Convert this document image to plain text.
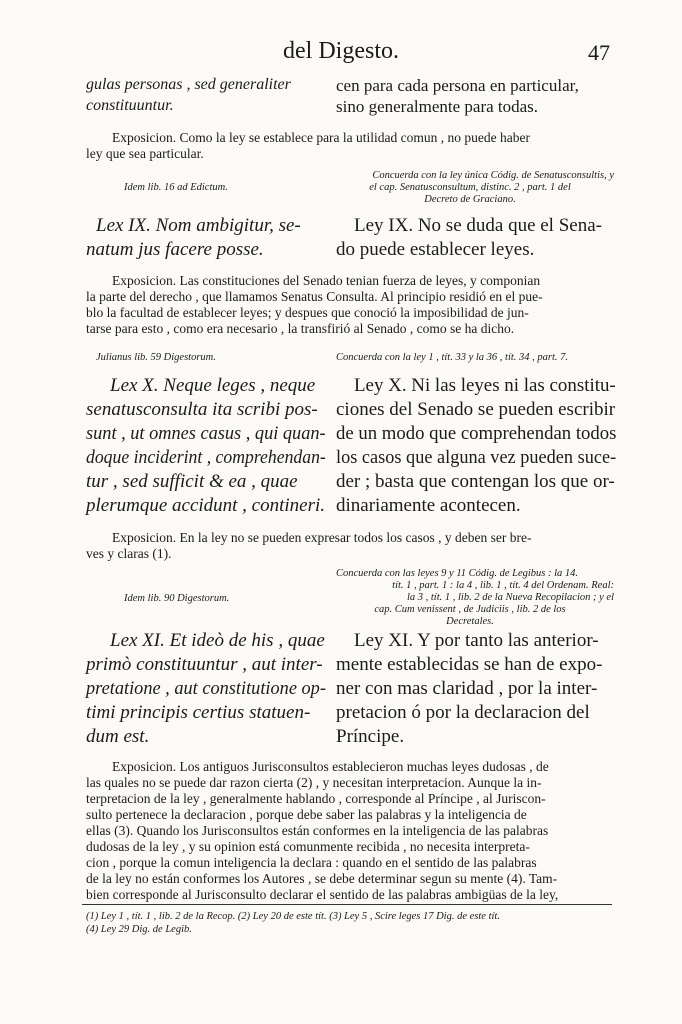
del Digesto.	47
gulas personas , sed generaliter
constituuntur.
cen para cada persona en particular,
sino generalmente para todas.
Exposicion. Como la ley se establece para la utilidad comun , no puede haber
ley que sea particular.
Idem lib. 16 ad Edictum.
Concuerda con la ley única Códig. de Senatusconsultis, y
el cap. Senatusconsultum, distinc. 2 , part. 1 del
Decreto de Graciano.
Lex IX. Nom ambigitur, se-
natum jus facere posse.
Ley IX. No se duda que el Sena-
do puede establecer leyes.
Exposicion. Las constituciones del Senado tenian fuerza de leyes, y componian
la parte del derecho , que llamamos Senatus Consulta. Al principio residió en el pue-
blo la facultad de establecer leyes; y despues que conoció la imposibilidad de jun-
tarse para esto , como era necesario , la transfirió al Senado , como se ha dicho.
Julianus lib. 59 Digestorum.	Concuerda con la ley 1 , tít. 33 y la 36 , tít. 34 , part. 7.
Lex X. Neque leges , neque
senatusconsulta ita scribi pos-
sunt , ut omnes casus , qui quan-
doque inciderint , comprehendan-
tur , sed sufficit & ea , quae
plerumque accidunt , contineri.
Ley X. Ni las leyes ni las constitu-
ciones del Senado se pueden escribir
de un modo que comprehendan todos
los casos que alguna vez pueden suce-
der ; basta que contengan los que or-
dinariamente acontecen.
Exposicion. En la ley no se pueden expresar todos los casos , y deben ser bre-
ves y claras (1).
Idem lib. 90 Digestorum.
Concuerda con las leyes 9 y 11 Códig. de Legibus : la 14.
tít. 1 , part. 1 : la 4 , lib. 1 , tít. 4 del Ordenam. Real:
la 3 , tít. 1 , lib. 2 de la Nueva Recopilacion ; y el
cap. Cum venissent , de Judiciis , lib. 2 de los
Decretales.
Lex XI. Et ideò de his , quae
primò constituuntur , aut inter-
pretatione , aut constitutione op-
timi principis certius statuen-
dum est.
Ley XI. Y por tanto las anterior-
mente establecidas se han de expo-
ner con mas claridad , por la inter-
pretacion ó por la declaracion del
Príncipe.
Exposicion. Los antiguos Jurisconsultos establecieron muchas leyes dudosas , de
las quales no se puede dar razon cierta (2) , y necesitan interpretacion. Aunque la in-
terpretacion de la ley , generalmente hablando , corresponde al Príncipe , al Juriscon-
sulto pertenece la declaracion , porque debe saber las palabras y la inteligencia de
ellas (3). Quando los Jurisconsultos están conformes en la inteligencia de las palabras
dudosas de la ley , y su opinion está comunmente recibida , no necesita interpreta-
cion , porque la comun inteligencia la declara : quando en el sentido de las palabras
de la ley no están conformes los Autores , se debe determinar segun su mente (4). Tam-
bien corresponde al Jurisconsulto declarar el sentido de las palabras ambigüas de la ley,
(1) Ley 1 , tít. 1 , lib. 2 de la Recop. (2) Ley 20 de este tít. (3) Ley 5 , Scire leges 17 Dig. de este tít.
(4) Ley 29 Dig. de Legib.
